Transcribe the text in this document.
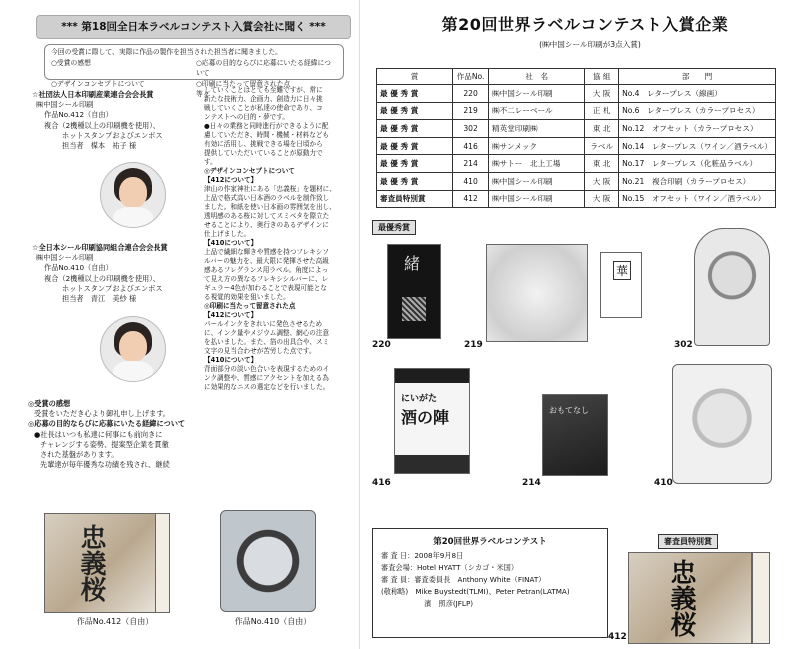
*** 第18回全日本ラベルコンテスト入賞会社に聞く ***
今回の受賞に際して、実際に作品の製作を担当された担当者に聞きました。
○受賞の感想	○応募の目的ならびに応募にいたる経緯について
○デザインコンセプトについて	○印刷に当たって留意された点　　　　　等々

☆社団法人日本印刷産業連合会会長賞

㈱中国シール印刷

作品No.412（自由）

複合（2機種以上の印刷機を使用）、

ホットスタンプおよびエンボス

担当者　楳本　祐子 様

☆全日本シール印刷協同組合連合会会長賞

㈱中国シール印刷

作品No.410（自由）

複合（2機種以上の印刷機を使用）、

ホットスタンプおよびエンボス

担当者　青江　美紗 様

◎受賞の感想

受賞をいただき心より御礼申し上げます。

◎応募の目的ならびに応募にいたる経緯について

●社長はいつも私達に何事にも前向きに

チャレンジする姿勢、提案型企業を貫徹

された基盤があります。

先輩達が毎年優秀な功績を残され、継続

していくことはとても至難ですが、常に

新たな技術力、企画力、創造力に日々挑

戦していくことが私達の使命であり、コ

ンテストへの目的・夢です。

●日々の業務と同時進行ができるように配

慮していただき、時間・機械・材料なども

有効に活用し、挑戦できる場を日頃から

提供していただいていることが原動力で

す。

◎デザインコンセプトについて

【412について】

津山の作家神社にある「忠義桜」を題材に、

上品で格式高い日本酒のラベルを制作致し

ました。和紙を使い日本画の雰囲気を出し、

透明感のある桜に対してスミベタを際立た

せることにより、奥行きのあるデザインに

仕上げました。

【410について】

上品で繊細な輝きや質感を持つフレキシソ

ルバーの魅力を、最大限に発揮させた高級

感あるフレグランス用ラベル。角度によっ

て見え方の異なるフレキシシルバーに、レ

ギュラー4色が加わることで表現可能とな

る視覚的効果を狙いました。

◎印刷に当たって留意された点

【412について】

パールインクをきれいに発色させるため

に、インク量やメジウム調整、網心の注意

を払いました。また、箔の出具合や、スミ

文字の見当合わせが苦労した点です。

【410について】

背面部分の淡い色合いを表現するためのイ

ンク調整や、質感にアクセントを加える為

に効果的なニスの選定などを行いました。

忠義桜
作品No.412（自由）	作品No.410（自由）
第20回世界ラベルコンテスト入賞企業
(㈱中国シール印刷が3点入賞)
賞	作品No.	社　名	協 組	部　　門
最 優 秀 賞	220	㈱中国シール印刷	大 阪	No.4　レタープレス（線画）
最 優 秀 賞	219	㈱不二レーベール	正 札	No.6　レタープレス（カラープロセス）
最 優 秀 賞	302	精英堂印刷㈱	東 北	No.12　オフセット（カラープロセス）
最 優 秀 賞	416	㈱サンメック	ラベル	No.14　レタープレス（ワイン／酒ラベル）
最 優 秀 賞	214	㈱サトー　北上工場	東 北	No.17　レタープレス（化粧品ラベル）
最 優 秀 賞	410	㈱中国シール印刷	大 阪	No.21　複合印刷（カラープロセス）
審査員特別賞	412	㈱中国シール印刷	大 阪	No.15　オフセット（ワイン／酒ラベル）
最優秀賞
緒
220	219
華
302
にいがた
酒の陣
416
おもてなし
214	410
審査員特別賞
忠義桜
412
第20回世界ラベルコンテスト
審 査 日：2008年9月8日
審査会場：Hotel HYATT（シカゴ・米国）
審 査 員：審査委員長　Anthony White（FINAT）
(敬称略)　Mike Buystedt(TLMI)、Peter Petran(LATMA)
　　　　　　濱　照彦(JFLP)
